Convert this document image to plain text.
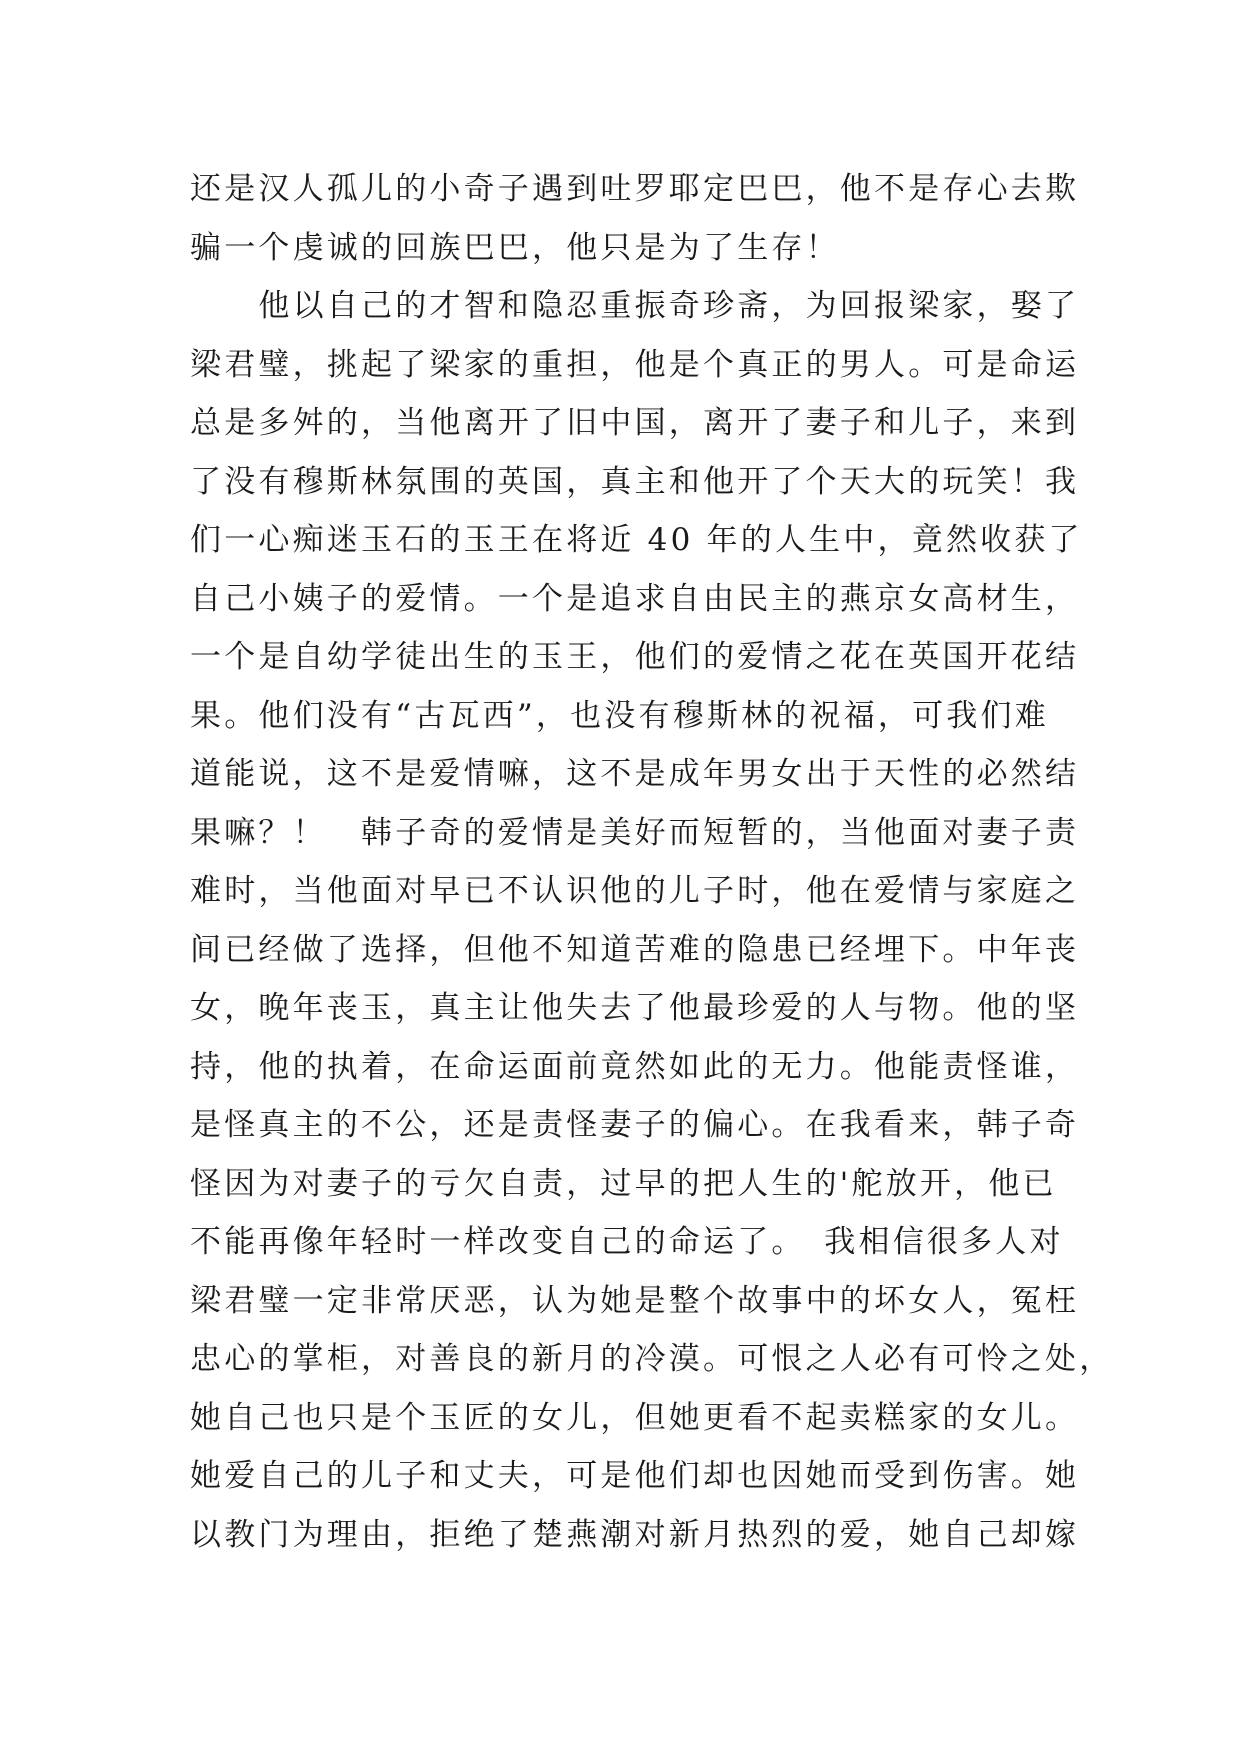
还是汉人孤儿的小奇子遇到吐罗耶定巴巴，他不是存心去欺
骗一个虔诚的回族巴巴，他只是为了生存！
　　他以自己的才智和隐忍重振奇珍斋，为回报梁家，娶了
梁君璧，挑起了梁家的重担，他是个真正的男人。可是命运
总是多舛的，当他离开了旧中国，离开了妻子和儿子，来到
了没有穆斯林氛围的英国，真主和他开了个天大的玩笑！我
们一心痴迷玉石的玉王在将近 40 年的人生中，竟然收获了
自己小姨子的爱情。一个是追求自由民主的燕京女高材生，
一个是自幼学徒出生的玉王，他们的爱情之花在英国开花结
果。他们没有“古瓦西”，也没有穆斯林的祝福，可我们难
道能说，这不是爱情嘛，这不是成年男女出于天性的必然结
果嘛？！　韩子奇的爱情是美好而短暂的，当他面对妻子责
难时，当他面对早已不认识他的儿子时，他在爱情与家庭之
间已经做了选择，但他不知道苦难的隐患已经埋下。中年丧
女，晚年丧玉，真主让他失去了他最珍爱的人与物。他的坚
持，他的执着，在命运面前竟然如此的无力。他能责怪谁，
是怪真主的不公，还是责怪妻子的偏心。在我看来，韩子奇
怪因为对妻子的亏欠自责，过早的把人生的'舵放开，他已
不能再像年轻时一样改变自己的命运了。　我相信很多人对
梁君璧一定非常厌恶，认为她是整个故事中的坏女人，冤枉
忠心的掌柜，对善良的新月的冷漠。可恨之人必有可怜之处，
她自己也只是个玉匠的女儿，但她更看不起卖糕家的女儿。
她爱自己的儿子和丈夫，可是他们却也因她而受到伤害。她
以教门为理由，拒绝了楚燕潮对新月热烈的爱，她自己却嫁
